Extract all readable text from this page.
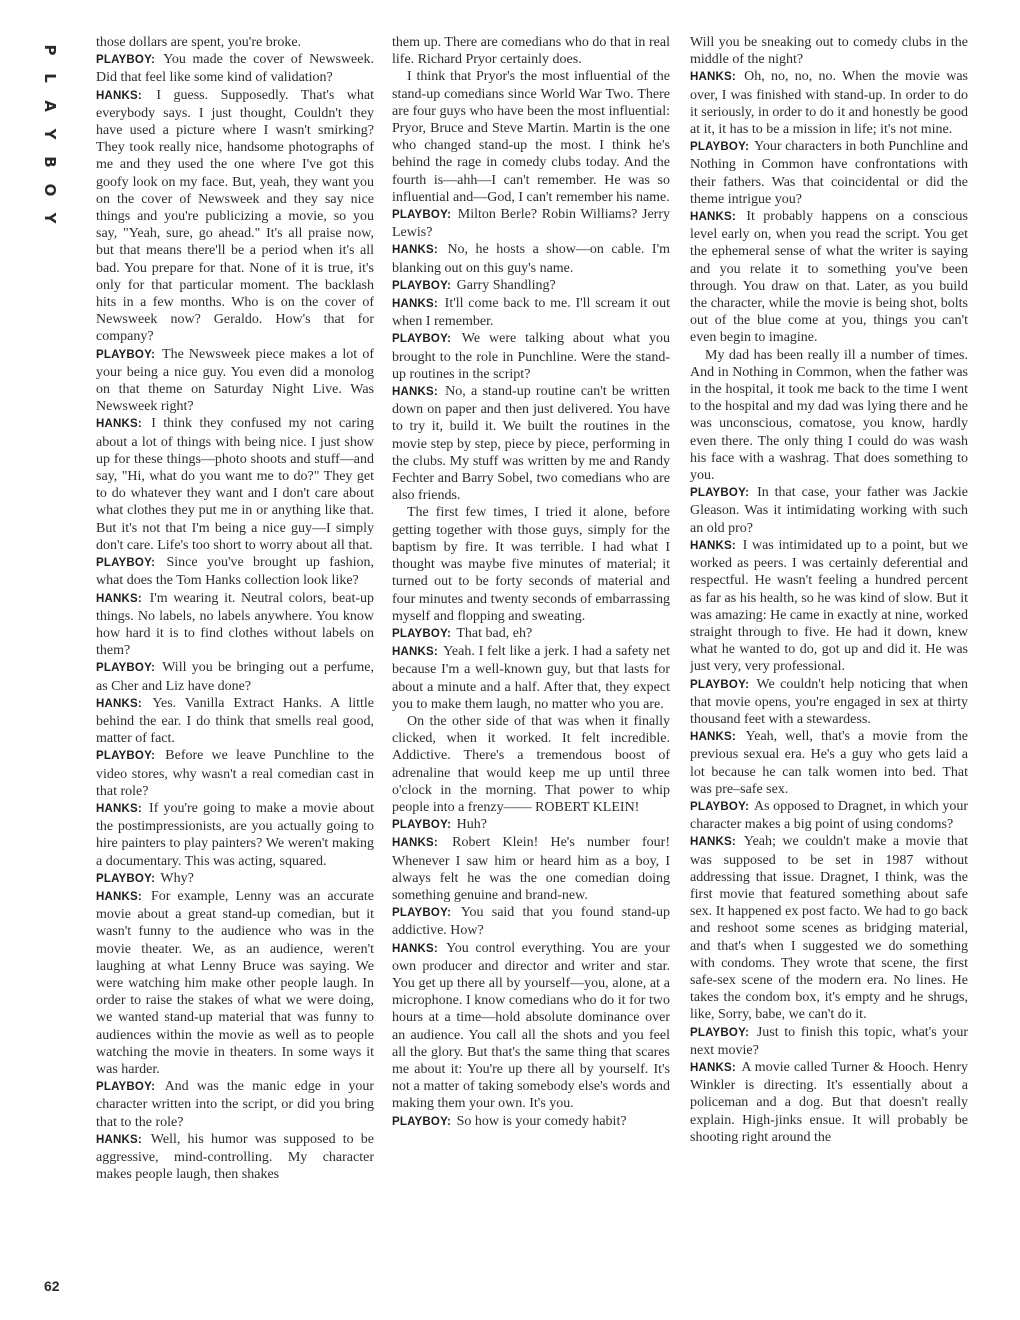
P
L
A
Y
B
O
Y

those dollars are spent, you're broke.

PLAYBOY: You made the cover of Newsweek. Did that feel like some kind of validation?

HANKS: I guess. Supposedly. That's what everybody says. I just thought, Couldn't they have used a picture where I wasn't smirking? They took really nice, handsome photographs of me and they used the one where I've got this goofy look on my face. But, yeah, they want you on the cover of Newsweek and they say nice things and you're publicizing a movie, so you say, "Yeah, sure, go ahead." It's all praise now, but that means there'll be a period when it's all bad. You prepare for that. None of it is true, it's only for that particular moment. The backlash hits in a few months. Who is on the cover of Newsweek now? Geraldo. How's that for company?

PLAYBOY: The Newsweek piece makes a lot of your being a nice guy. You even did a monolog on that theme on Saturday Night Live. Was Newsweek right?

HANKS: I think they confused my not caring about a lot of things with being nice. I just show up for these things—photo shoots and stuff—and say, "Hi, what do you want me to do?" They get to do whatever they want and I don't care about what clothes they put me in or anything like that. But it's not that I'm being a nice guy—I simply don't care. Life's too short to worry about all that.

PLAYBOY: Since you've brought up fashion, what does the Tom Hanks collection look like?

HANKS: I'm wearing it. Neutral colors, beat-up things. No labels, no labels anywhere. You know how hard it is to find clothes without labels on them?

PLAYBOY: Will you be bringing out a perfume, as Cher and Liz have done?

HANKS: Yes. Vanilla Extract Hanks. A little behind the ear. I do think that smells real good, matter of fact.

PLAYBOY: Before we leave Punchline to the video stores, why wasn't a real comedian cast in that role?

HANKS: If you're going to make a movie about the postimpressionists, are you actually going to hire painters to play painters? We weren't making a documentary. This was acting, squared.

PLAYBOY: Why?

HANKS: For example, Lenny was an accurate movie about a great stand-up comedian, but it wasn't funny to the audience who was in the movie theater. We, as an audience, weren't laughing at what Lenny Bruce was saying. We were watching him make other people laugh. In order to raise the stakes of what we were doing, we wanted stand-up material that was funny to audiences within the movie as well as to people watching the movie in theaters. In some ways it was harder.

PLAYBOY: And was the manic edge in your character written into the script, or did you bring that to the role?

HANKS: Well, his humor was supposed to be aggressive, mind-controlling. My character makes people laugh, then shakes

them up. There are comedians who do that in real life. Richard Pryor certainly does.

I think that Pryor's the most influential of the stand-up comedians since World War Two. There are four guys who have been the most influential: Pryor, Bruce and Steve Martin. Martin is the one who changed stand-up the most. I think he's behind the rage in comedy clubs today. And the fourth is—ahh—I can't remember. He was so influential and—God, I can't remember his name.

PLAYBOY: Milton Berle? Robin Williams? Jerry Lewis?

HANKS: No, he hosts a show—on cable. I'm blanking out on this guy's name.

PLAYBOY: Garry Shandling?

HANKS: It'll come back to me. I'll scream it out when I remember.

PLAYBOY: We were talking about what you brought to the role in Punchline. Were the stand-up routines in the script?

HANKS: No, a stand-up routine can't be written down on paper and then just delivered. You have to try it, build it. We built the routines in the movie step by step, piece by piece, performing in the clubs. My stuff was written by me and Randy Fechter and Barry Sobel, two comedians who are also friends.

The first few times, I tried it alone, before getting together with those guys, simply for the baptism by fire. It was terrible. I had what I thought was maybe five minutes of material; it turned out to be forty seconds of material and four minutes and twenty seconds of embarrassing myself and flopping and sweating.

PLAYBOY: That bad, eh?

HANKS: Yeah. I felt like a jerk. I had a safety net because I'm a well-known guy, but that lasts for about a minute and a half. After that, they expect you to make them laugh, no matter who you are.

On the other side of that was when it finally clicked, when it worked. It felt incredible. Addictive. There's a tremendous boost of adrenaline that would keep me up until three o'clock in the morning. That power to whip people into a frenzy—— ROBERT KLEIN!

PLAYBOY: Huh?

HANKS: Robert Klein! He's number four! Whenever I saw him or heard him as a boy, I always felt he was the one comedian doing something genuine and brand-new.

PLAYBOY: You said that you found stand-up addictive. How?

HANKS: You control everything. You are your own producer and director and writer and star. You get up there all by yourself—you, alone, at a microphone. I know comedians who do it for two hours at a time—hold absolute dominance over an audience. You call all the shots and you feel all the glory. But that's the same thing that scares me about it: You're up there all by yourself. It's not a matter of taking somebody else's words and making them your own. It's you.

PLAYBOY: So how is your comedy habit?

Will you be sneaking out to comedy clubs in the middle of the night?

HANKS: Oh, no, no, no. When the movie was over, I was finished with stand-up. In order to do it seriously, in order to do it and honestly be good at it, it has to be a mission in life; it's not mine.

PLAYBOY: Your characters in both Punchline and Nothing in Common have confrontations with their fathers. Was that coincidental or did the theme intrigue you?

HANKS: It probably happens on a conscious level early on, when you read the script. You get the ephemeral sense of what the writer is saying and you relate it to something you've been through. You draw on that. Later, as you build the character, while the movie is being shot, bolts out of the blue come at you, things you can't even begin to imagine.

My dad has been really ill a number of times. And in Nothing in Common, when the father was in the hospital, it took me back to the time I went to the hospital and my dad was lying there and he was unconscious, comatose, you know, hardly even there. The only thing I could do was wash his face with a washrag. That does something to you.

PLAYBOY: In that case, your father was Jackie Gleason. Was it intimidating working with such an old pro?

HANKS: I was intimidated up to a point, but we worked as peers. I was certainly deferential and respectful. He wasn't feeling a hundred percent as far as his health, so he was kind of slow. But it was amazing: He came in exactly at nine, worked straight through to five. He had it down, knew what he wanted to do, got up and did it. He was just very, very professional.

PLAYBOY: We couldn't help noticing that when that movie opens, you're engaged in sex at thirty thousand feet with a stewardess.

HANKS: Yeah, well, that's a movie from the previous sexual era. He's a guy who gets laid a lot because he can talk women into bed. That was pre–safe sex.

PLAYBOY: As opposed to Dragnet, in which your character makes a big point of using condoms?

HANKS: Yeah; we couldn't make a movie that was supposed to be set in 1987 without addressing that issue. Dragnet, I think, was the first movie that featured something about safe sex. It happened ex post facto. We had to go back and reshoot some scenes as bridging material, and that's when I suggested we do something with condoms. They wrote that scene, the first safe-sex scene of the modern era. No lines. He takes the condom box, it's empty and he shrugs, like, Sorry, babe, we can't do it.

PLAYBOY: Just to finish this topic, what's your next movie?

HANKS: A movie called Turner & Hooch. Henry Winkler is directing. It's essentially about a policeman and a dog. But that doesn't really explain. High-jinks ensue. It will probably be shooting right around the

62
